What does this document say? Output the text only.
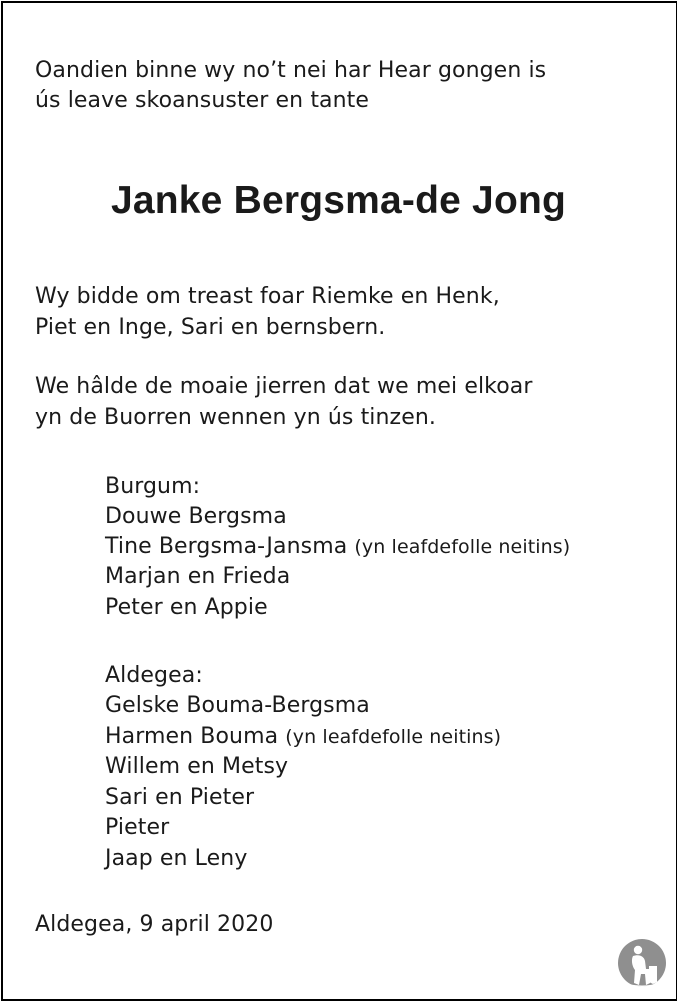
Oandien binne wy no’t nei har Hear gongen is
ús leave skoansuster en tante
Janke Bergsma-de Jong
Wy bidde om treast foar Riemke en Henk,
Piet en Inge, Sari en bernsbern.
We hâlde de moaie jierren dat we mei elkoar
yn de Buorren wennen yn ús tinzen.
Burgum:
Douwe Bergsma
Tine Bergsma-Jansma (yn leafdefolle neitins)
Marjan en Frieda
Peter en Appie
Aldegea:
Gelske Bouma-Bergsma
Harmen Bouma (yn leafdefolle neitins)
Willem en Metsy
Sari en Pieter
Pieter
Jaap en Leny
Aldegea, 9 april 2020
